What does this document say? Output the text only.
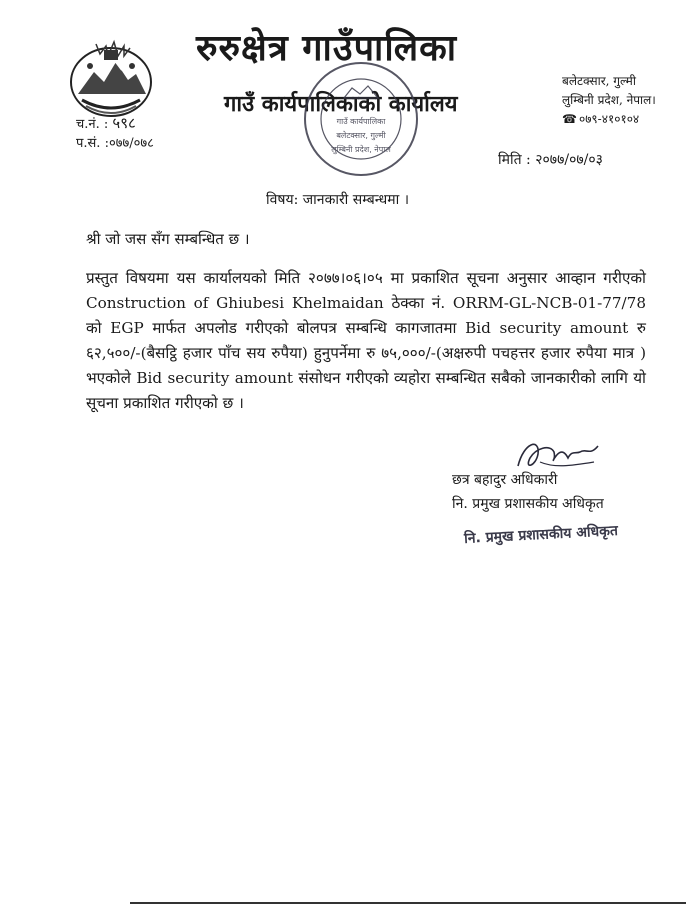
रुरुक्षेत्र गाउँपालिका
गाउँ कार्यपालिकाको कार्यालय
गाउँ कार्यपालिका
बलेटक्सार, गुल्मी
लुम्बिनी प्रदेश, नेपाल
बलेटक्सार, गुल्मी
लुम्बिनी प्रदेश, नेपाल।
☎ ०७९-४१०१०४
च.नं. : ५९८
प.सं. :०७७/०७८
मिति : २०७७/०७/०३
विषय: जानकारी सम्बन्धमा ।
श्री जो जस सँग सम्बन्धित छ ।
प्रस्तुत विषयमा यस कार्यालयको मिति २०७७।०६।०५ मा प्रकाशित सूचना अनुसार आव्हान गरीएको Construction of Ghiubesi Khelmaidan ठेक्का नं. ORRM-GL-NCB-01-77/78 को EGP मार्फत अपलोड गरीएको बोलपत्र सम्बन्धि कागजातमा Bid security amount रु ६२,५००/-(बैसट्ठि हजार पाँच सय रुपैया) हुनुपर्नेमा रु ७५,०००/-(अक्षरुपी पचहत्तर हजार रुपैया मात्र ) भएकोले Bid security amount संसोधन गरीएको व्यहोरा सम्बन्धित सबैको जानकारीको लागि यो सूचना प्रकाशित गरीएको छ ।
छत्र बहादुर अधिकारी
नि. प्रमुख प्रशासकीय अधिकृत
नि. प्रमुख प्रशासकीय अधिकृत
